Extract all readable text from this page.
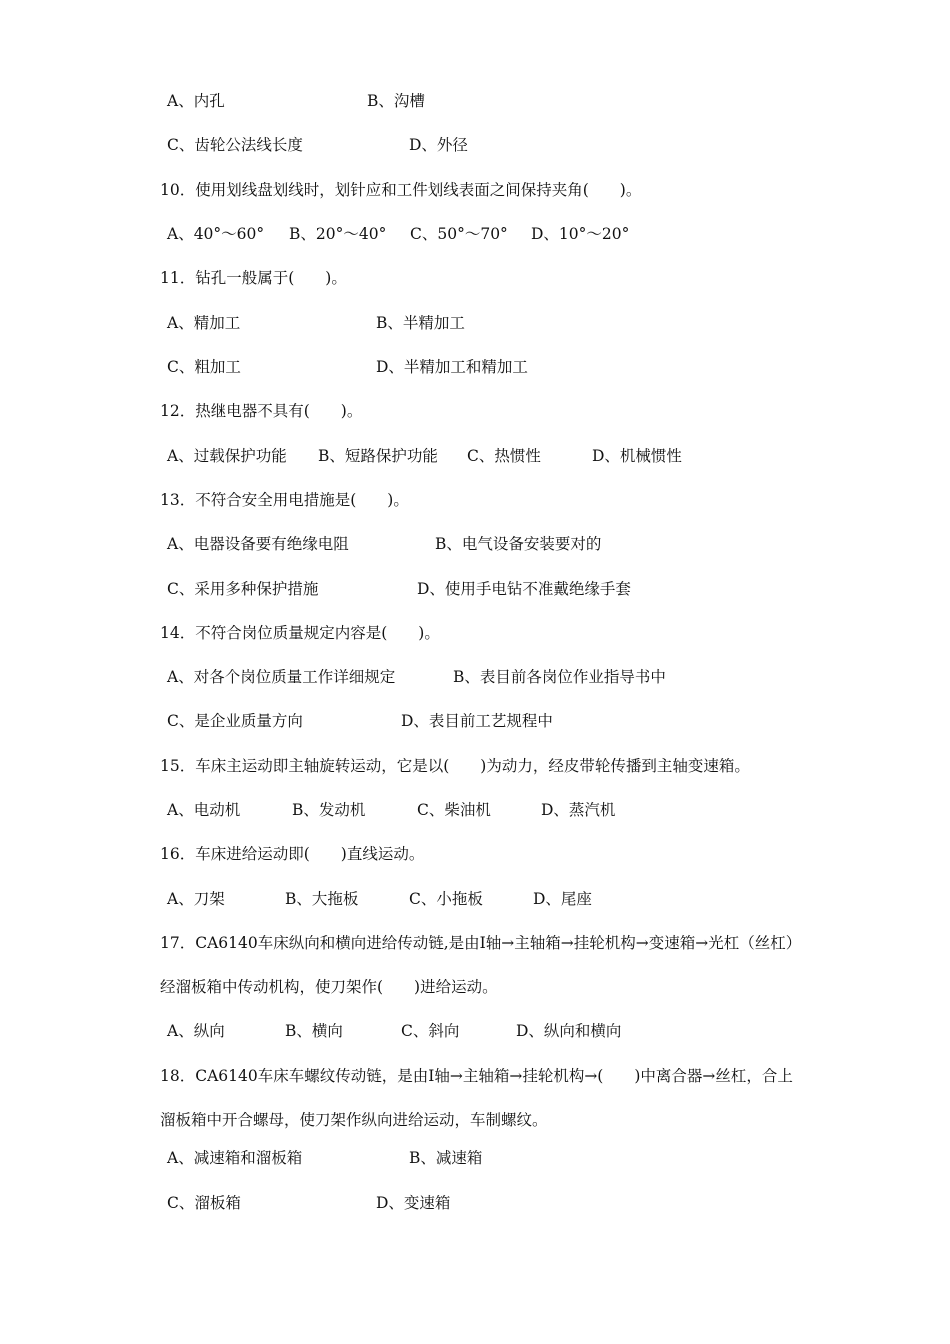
A、内孔	B、沟槽
C、齿轮公法线长度	D、外径
10．使用划线盘划线时，划针应和工件划线表面之间保持夹角(　　)。
A、40°～60° B、20°～40° C、50°～70° D、10°～20°
11．钻孔一般属于(　　)。
A、精加工	B、半精加工
C、粗加工	D、半精加工和精加工
12．热继电器不具有(　　)。
A、过载保护功能 B、短路保护功能 C、热惯性	D、机械惯性
13．不符合安全用电措施是(　　)。
A、电器设备要有绝缘电阻	B、电气设备安装要对的
C、采用多种保护措施	D、使用手电钻不准戴绝缘手套
14．不符合岗位质量规定内容是(　　)。
A、对各个岗位质量工作详细规定	B、表目前各岗位作业指导书中
C、是企业质量方向	D、表目前工艺规程中
15．车床主运动即主轴旋转运动，它是以(　　)为动力，经皮带轮传播到主轴变速箱。
A、电动机	B、发动机	C、柴油机	D、蒸汽机
16．车床进给运动即(　　)直线运动。
A、刀架	B、大拖板	C、小拖板	D、尾座
17．CA6140车床纵向和横向进给传动链,是由Ⅰ轴→主轴箱→挂轮机构→变速箱→光杠（丝杠）
经溜板箱中传动机构，使刀架作(　　)进给运动。
A、纵向	B、横向	C、斜向	D、纵向和横向
18．CA6140车床车螺纹传动链，是由Ⅰ轴→主轴箱→挂轮机构→(　　)中离合器→丝杠，合上
溜板箱中开合螺母，使刀架作纵向进给运动，车制螺纹。
A、减速箱和溜板箱	B、减速箱
C、溜板箱	D、变速箱
